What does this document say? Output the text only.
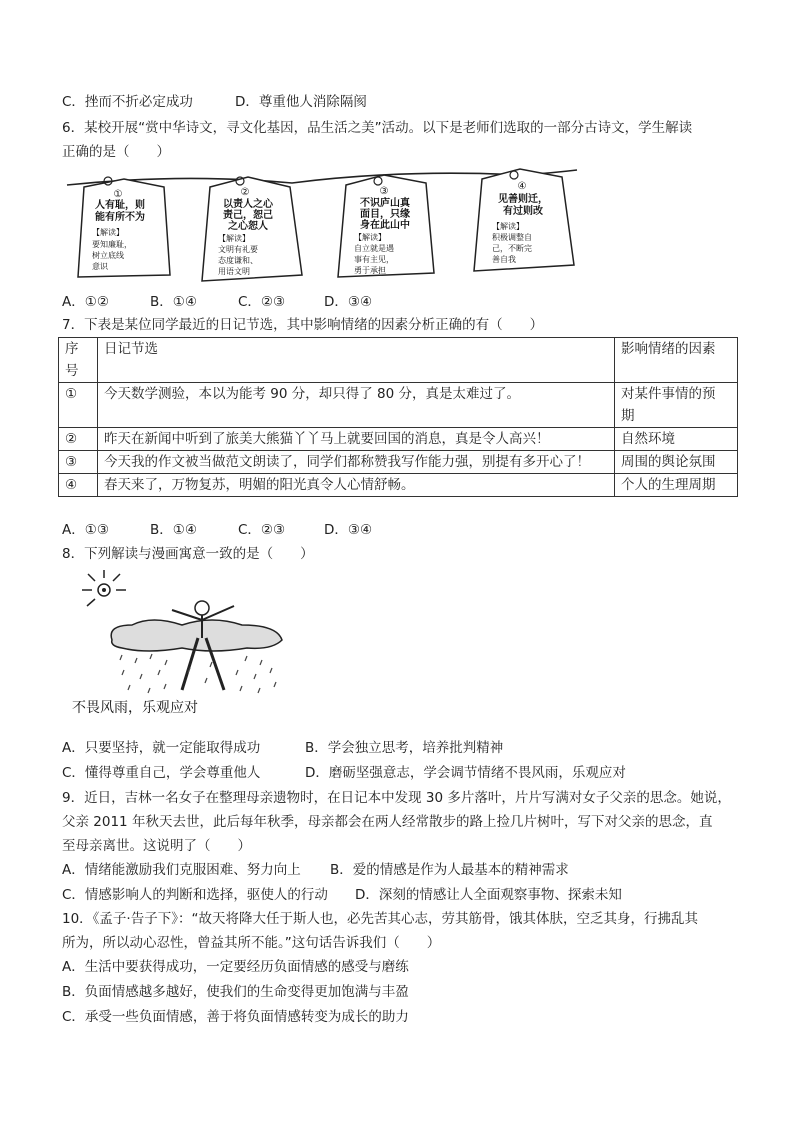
C．挫而不折必定成功	D．尊重他人消除隔阂
6．某校开展“赏中华诗文，寻文化基因，品生活之美”活动。以下是老师们选取的一部分古诗文，学生解读
正确的是（　　）
①
人有耻，则
能有所不为
【解读】
要知廉耻，
树立底线
意识
②
以责人之心
责己，恕己
之心恕人
【解读】
文明有礼要
态度谦和、
用语文明
③
不识庐山真
面目，只缘
身在此山中
【解读】
自立就是遇
事有主见，
勇于承担
④
见善则迁，
有过则改
【解读】
积极调整自
己，不断完
善自我
A．①②	B．①④	C．②③	D．③④
7．下表是某位同学最近的日记节选，其中影响情绪的因素分析正确的有（　　）
序
号	日记节选	影响情绪的因素
①	今天数学测验，本以为能考 90 分，却只得了 80 分，真是太难过了。	对某件事情的预
期

②	昨天在新闻中听到了旅美大熊猫丫丫马上就要回国的消息，真是令人高兴！	自然环境
③	今天我的作文被当做范文朗读了，同学们都称赞我写作能力强，别提有多开心了！	周围的舆论氛围
④	春天来了，万物复苏，明媚的阳光真令人心情舒畅。	个人的生理周期
A．①③	B．①④	C．②③	D．③④
8．下列解读与漫画寓意一致的是（　　）
不畏风雨，乐观应对
A．只要坚持，就一定能取得成功	B．学会独立思考，培养批判精神
C．懂得尊重自己，学会尊重他人	D．磨砺坚强意志，学会调节情绪不畏风雨，乐观应对
9．近日，吉林一名女子在整理母亲遗物时，在日记本中发现 30 多片落叶，片片写满对女子父亲的思念。她说，
父亲 2011 年秋天去世，此后每年秋季，母亲都会在两人经常散步的路上捡几片树叶，写下对父亲的思念，直
至母亲离世。这说明了（　　）
A．情绪能激励我们克服困难、努力向上 B．爱的情感是作为人最基本的精神需求
C．情感影响人的判断和选择，驱使人的行动 D．深刻的情感让人全面观察事物、探索未知
10．《孟子·告子下》：“故天将降大任于斯人也，必先苦其心志，劳其筋骨，饿其体肤，空乏其身，行拂乱其
所为，所以动心忍性，曾益其所不能。”这句话告诉我们（　　）
A．生活中要获得成功，一定要经历负面情感的感受与磨练
B．负面情感越多越好，使我们的生命变得更加饱满与丰盈
C．承受一些负面情感，善于将负面情感转变为成长的助力
